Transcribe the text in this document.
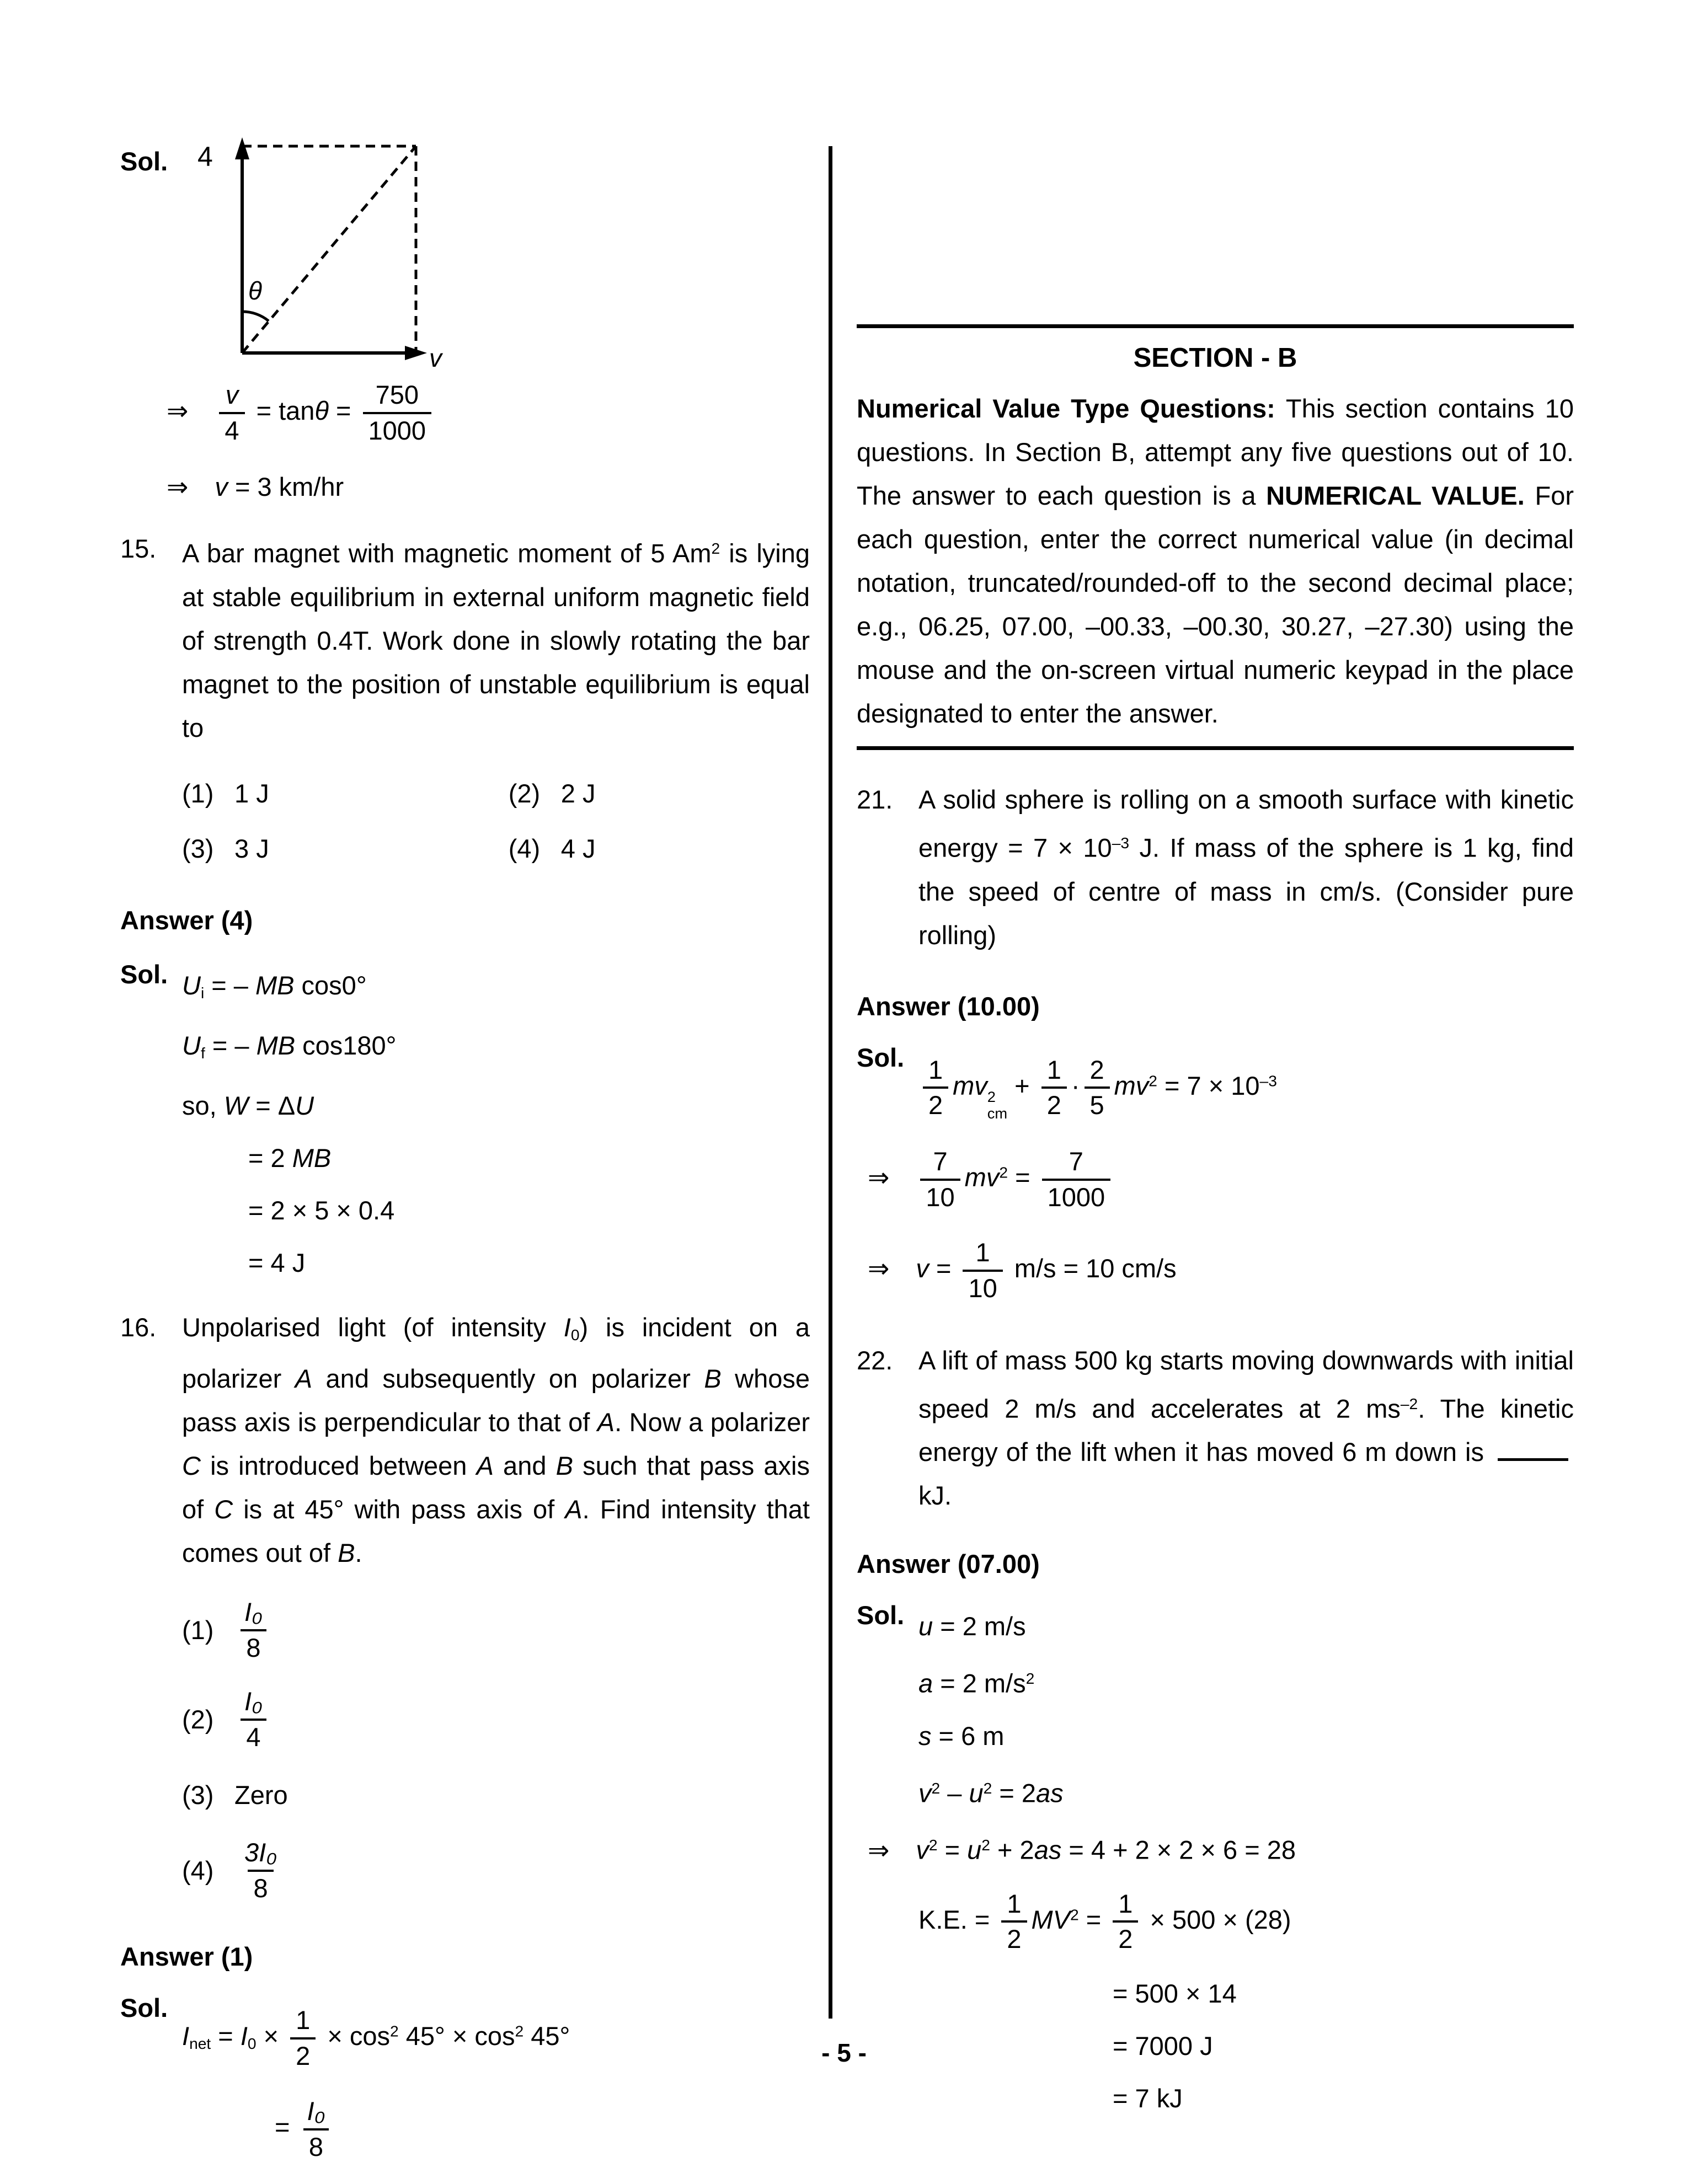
Sol.	4
θ
v
⇒ $\frac{v}{4} = \tan\theta = \frac{750}{1000}$
⇒ v = 3 km/hr
15. A bar magnet with magnetic moment of 5 Am$^2$ is lying at stable equilibrium in external uniform magnetic field of strength 0.4T. Work done in slowly rotating the bar magnet to the position of unstable equilibrium is equal to
(1) 1 J	(2) 2 J
(3) 3 J	(4) 4 J
Answer (4)
Sol. $U_i$ = – MB cos0°
$U_f$ = – MB cos180°
so, W = ΔU
= 2 MB
= 2 × 5 × 0.4
= 4 J
16. Unpolarised light (of intensity $I_0$) is incident on a polarizer A and subsequently on polarizer B whose pass axis is perpendicular to that of A. Now a polarizer C is introduced between A and B such that pass axis of C is at 45° with pass axis of A. Find intensity that comes out of B.
$(1) \frac{\text{I₀}}{8}$
$(2) \frac{\text{I₀}}{4}$
(3) Zero
$(4) \frac{\text{3I₀}}{8}$
Answer (1)
Sol.
$I_{net} = I_0 \times \frac{1}{2} \times \cos^2 45^\circ \times \cos^2 45^\circ$
= $\frac{\text{I₀}}{8}$
SECTION - B
Numerical Value Type Questions: This section contains 10 questions. In Section B, attempt any five questions out of 10. The answer to each question is a NUMERICAL VALUE. For each question, enter the correct numerical value (in decimal notation, truncated/rounded-off to the second decimal place; e.g., 06.25, 07.00, –00.33, –00.30, 30.27, –27.30) using the mouse and the on-screen virtual numeric keypad in the place designated to enter the answer.
21. A solid sphere is rolling on a smooth surface with kinetic energy = $7 \times 10^{-3}$ J. If mass of the sphere is 1 kg, find the speed of centre of mass in cm/s. (Consider pure rolling)
Answer (10.00)
Sol. $\frac{1}{2}$ mv 2
cm
+ $\frac{1}{2} \cdot \frac{2}{5} mv^2 = 7 \times 10^{-3}$
⇒ $\frac{7}{10} mv^2 = \frac{7}{1000}$
⇒ $v = \frac{1}{10} m/s = 10$ cm/s
22. A lift of mass 500 kg starts moving downwards with initial speed 2 m/s and accelerates at 2 $ms^{-2}$. The kinetic energy of the lift when it has moved 6 m down is  kJ.
Answer (07.00)
Sol. u = 2 m/s
a = 2 $m/s^2$
s = 6 m
$v^2 - u^2 = 2as$
⇒ $v^2 = u^2 + 2as = 4 + 2 \times 2 \times 6 = 28$
K.E. = $\frac{1}{2} MV^2 = \frac{1}{2} \times 500 \times (28)$
= 500 × 14
= 7000 J
= 7 kJ
- 5 -
